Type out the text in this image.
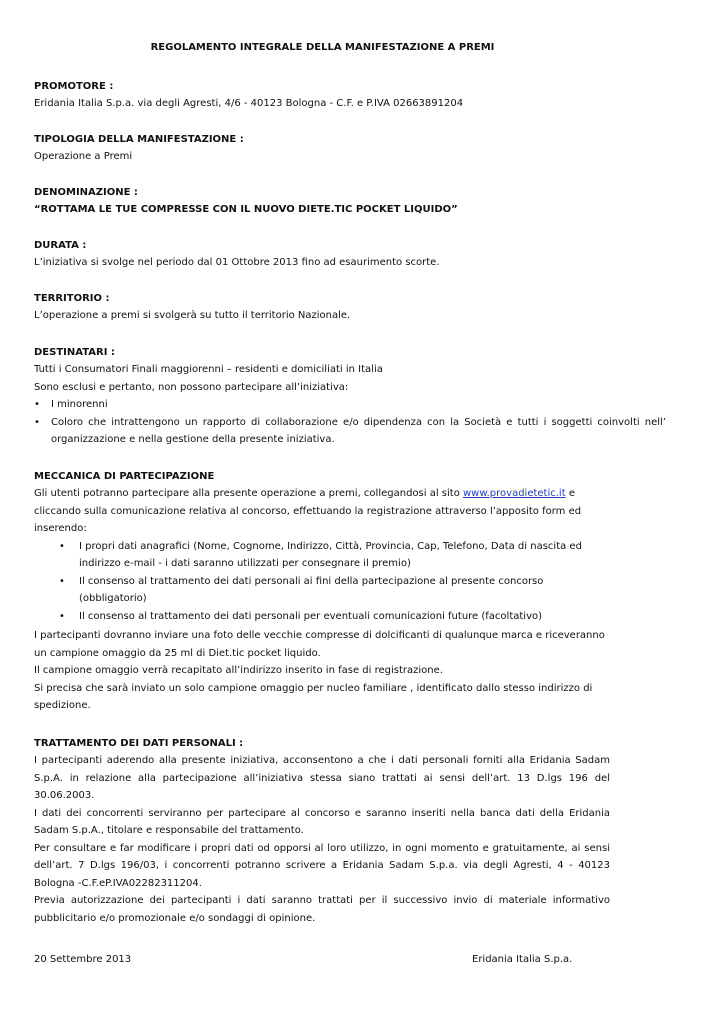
REGOLAMENTO INTEGRALE DELLA MANIFESTAZIONE A PREMI
PROMOTORE :
Eridania Italia S.p.a. via degli Agresti, 4/6 - 40123 Bologna - C.F. e P.IVA 02663891204
TIPOLOGIA DELLA MANIFESTAZIONE :
Operazione a Premi
DENOMINAZIONE :
“ROTTAMA LE TUE COMPRESSE CON IL NUOVO DIETE.TIC POCKET LIQUIDO”
DURATA :
L’iniziativa si svolge nel periodo dal 01 Ottobre 2013 fino ad esaurimento scorte.
TERRITORIO :
L’operazione a premi si svolgerà su tutto il territorio Nazionale.
DESTINATARI :
Tutti i Consumatori Finali maggiorenni – residenti e domiciliati in Italia
Sono esclusi e pertanto, non possono partecipare all’iniziativa:
• I minorenni
• Coloro che intrattengono un rapporto di collaborazione e/o dipendenza con la Società e tutti i soggetti coinvolti nell’ organizzazione e nella gestione della presente iniziativa.
MECCANICA DI PARTECIPAZIONE
Gli utenti potranno partecipare alla presente operazione a premi, collegandosi al sito www.provadietetic.it e cliccando sulla comunicazione relativa al concorso, effettuando la registrazione attraverso l’apposito form ed inserendo:
• I propri dati anagrafici (Nome, Cognome, Indirizzo, Città, Provincia, Cap, Telefono, Data di nascita ed indirizzo e-mail - i dati saranno utilizzati per consegnare il premio)
• Il consenso al trattamento dei dati personali ai fini della partecipazione al presente concorso (obbligatorio)
• Il consenso al trattamento dei dati personali per eventuali comunicazioni future (facoltativo)
I partecipanti dovranno inviare una foto delle vecchie compresse di dolcificanti di qualunque marca e riceveranno un campione omaggio da 25 ml di Diet.tic pocket liquido.
Il campione omaggio verrà recapitato all’indirizzo inserito in fase di registrazione.
Si precisa che sarà inviato un solo campione omaggio per nucleo familiare , identificato dallo stesso indirizzo di spedizione.
TRATTAMENTO DEI DATI PERSONALI :
I partecipanti aderendo alla presente iniziativa, acconsentono a che i dati personali forniti alla Eridania Sadam S.p.A. in relazione alla partecipazione all’iniziativa stessa siano trattati ai sensi dell’art. 13 D.lgs 196 del 30.06.2003.
I dati dei concorrenti serviranno per partecipare al concorso e saranno inseriti nella banca dati della Eridania Sadam S.p.A., titolare e responsabile del trattamento.
Per consultare e far modificare i propri dati od opporsi al loro utilizzo, in ogni momento e gratuitamente, ai sensi dell’art. 7 D.lgs 196/03, i concorrenti potranno scrivere a Eridania Sadam S.p.a. via degli Agresti, 4 - 40123 Bologna -C.F.eP.IVA02282311204.
Previa autorizzazione dei partecipanti i dati saranno trattati per il successivo invio di materiale informativo pubblicitario e/o promozionale e/o sondaggi di opinione.
20 Settembre 2013	Eridania Italia S.p.a.
